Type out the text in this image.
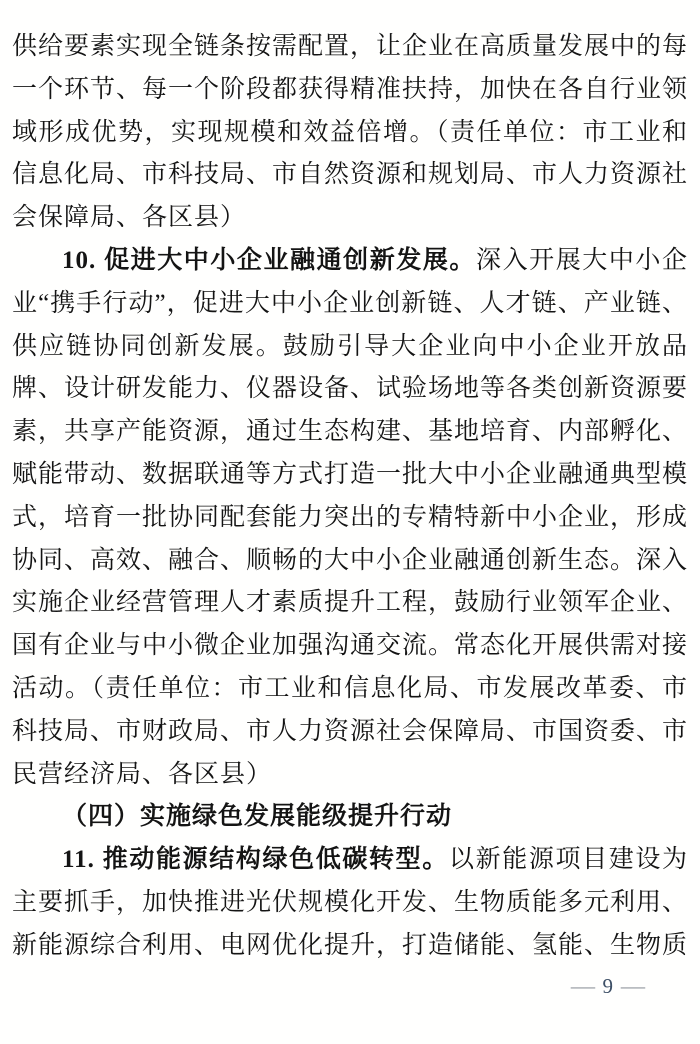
供给要素实现全链条按需配置，让企业在高质量发展中的每一个环节、每一个阶段都获得精准扶持，加快在各自行业领域形成优势，实现规模和效益倍增。（责任单位：市工业和信息化局、市科技局、市自然资源和规划局、市人力资源社会保障局、各区县）

10. 促进大中小企业融通创新发展。深入开展大中小企业“携手行动”，促进大中小企业创新链、人才链、产业链、供应链协同创新发展。鼓励引导大企业向中小企业开放品牌、设计研发能力、仪器设备、试验场地等各类创新资源要素，共享产能资源，通过生态构建、基地培育、内部孵化、赋能带动、数据联通等方式打造一批大中小企业融通典型模式，培育一批协同配套能力突出的专精特新中小企业，形成协同、高效、融合、顺畅的大中小企业融通创新生态。深入实施企业经营管理人才素质提升工程，鼓励行业领军企业、国有企业与中小微企业加强沟通交流。常态化开展供需对接活动。（责任单位：市工业和信息化局、市发展改革委、市科技局、市财政局、市人力资源社会保障局、市国资委、市民营经济局、各区县）

（四）实施绿色发展能级提升行动

11. 推动能源结构绿色低碳转型。以新能源项目建设为主要抓手，加快推进光伏规模化开发、生物质能多元利用、新能源综合利用、电网优化提升，打造储能、氢能、生物质

— 9 —
